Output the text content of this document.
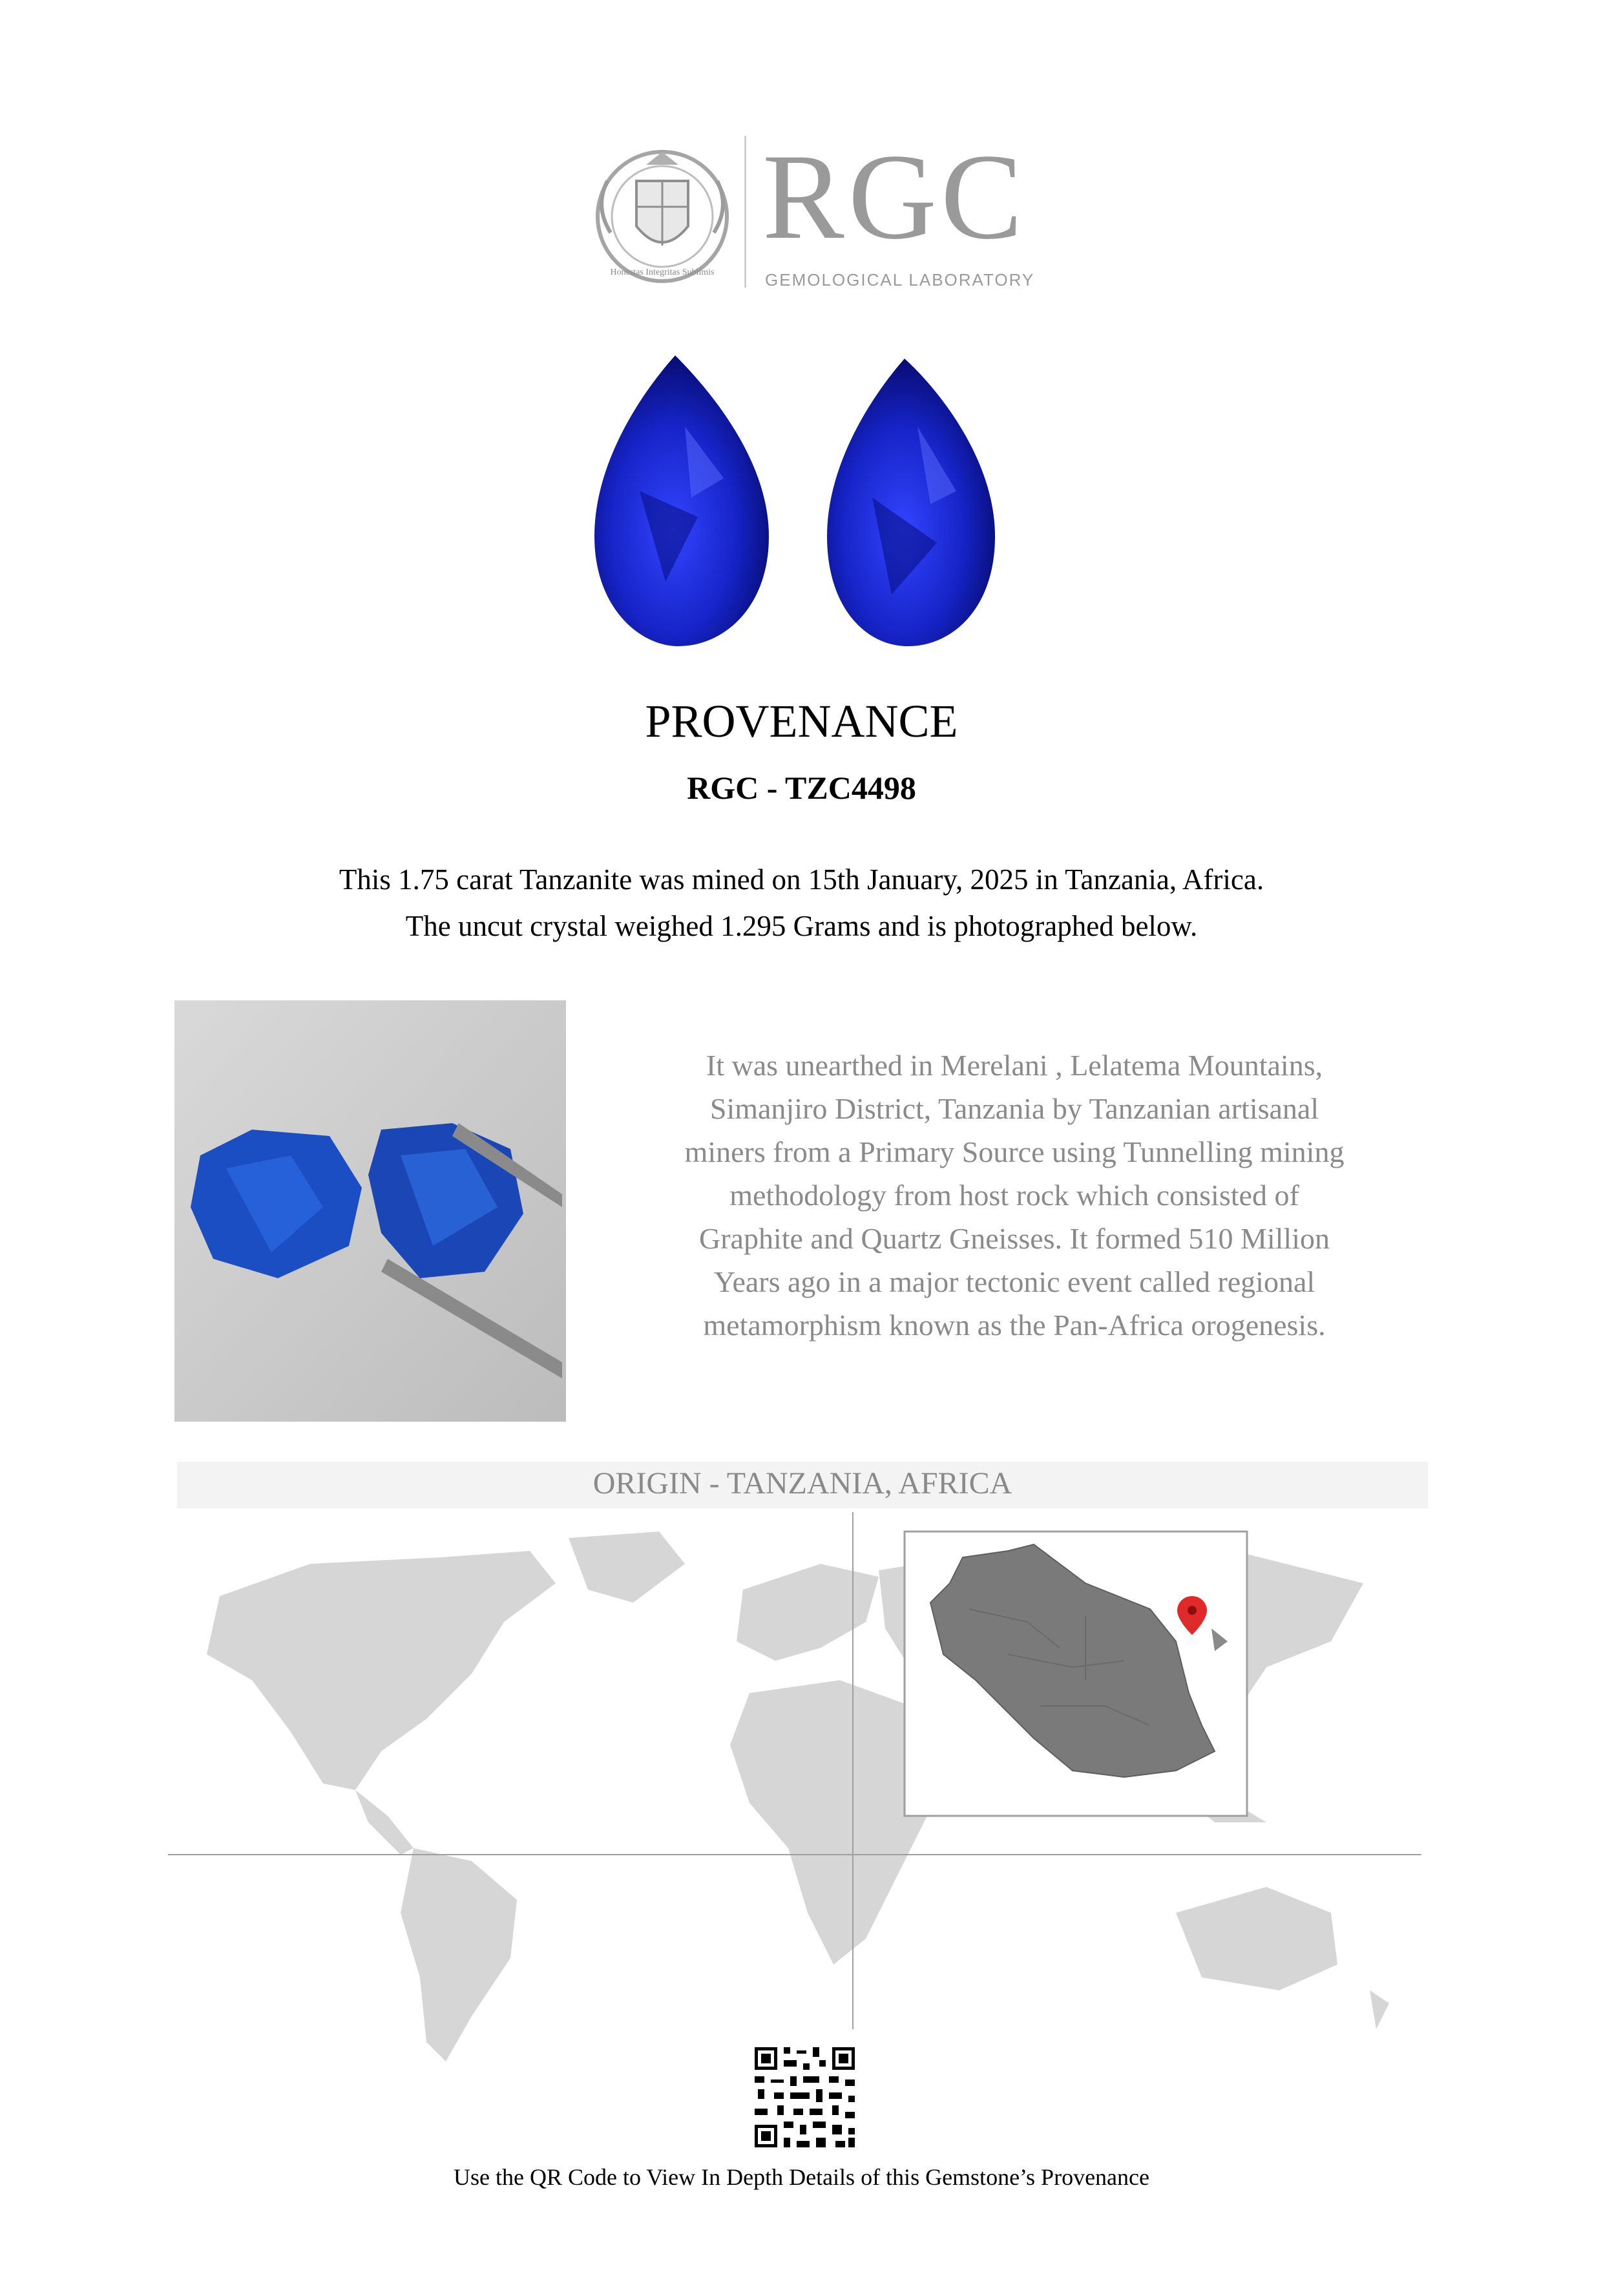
Honestas Integritas Sublimis
RGC
GEMOLOGICAL LABORATORY
PROVENANCE
RGC - TZC4498
This 1.75 carat Tanzanite was mined on 15th January, 2025 in Tanzania, Africa.
The uncut crystal weighed 1.295 Grams and is photographed below.
It was unearthed in Merelani , Lelatema Mountains,
Simanjiro District, Tanzania by Tanzanian artisanal
miners from a Primary Source using Tunnelling mining
methodology from host rock which consisted of
Graphite and Quartz Gneisses. It formed 510 Million
Years ago in a major tectonic event called regional
metamorphism known as the Pan-Africa orogenesis.
ORIGIN - TANZANIA, AFRICA
Use the QR Code to View In Depth Details of this Gemstone’s Provenance
